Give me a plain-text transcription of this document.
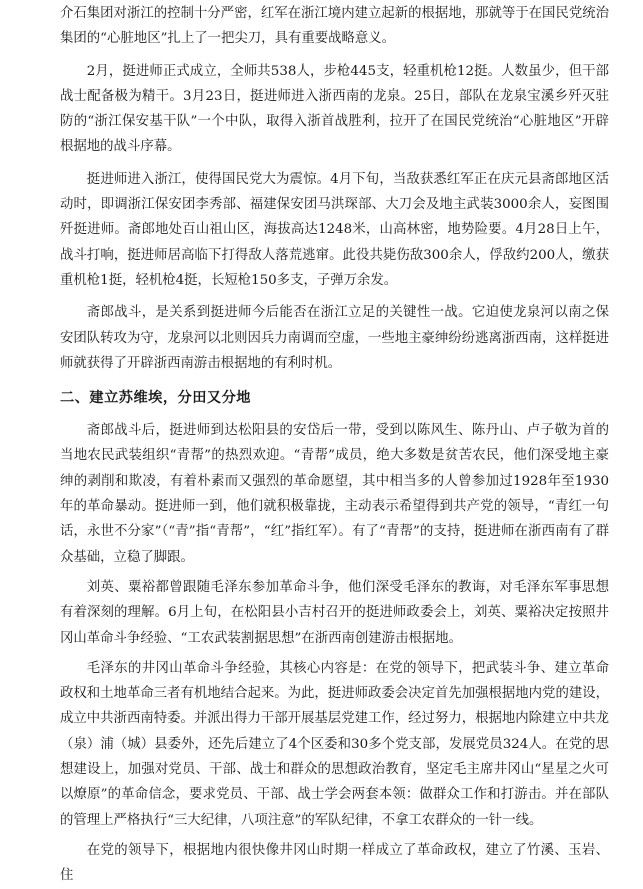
介石集团对浙江的控制十分严密，红军在浙江境内建立起新的根据地，那就等于在国民党统治集团的“心脏地区”扎上了一把尖刀，具有重要战略意义。

2月，挺进师正式成立，全师共538人，步枪445支，轻重机枪12挺。人数虽少，但干部战士配备极为精干。3月23日，挺进师进入浙西南的龙泉。25日，部队在龙泉宝溪乡歼灭驻防的“浙江保安基干队”一个中队，取得入浙首战胜利，拉开了在国民党统治“心脏地区”开辟根据地的战斗序幕。

挺进师进入浙江，使得国民党大为震惊。4月下旬，当敌获悉红军正在庆元县斋郎地区活动时，即调浙江保安团李秀部、福建保安团马洪琛部、大刀会及地主武装3000余人，妄图围歼挺进师。斋郎地处百山祖山区，海拔高达1248米，山高林密，地势险要。4月28日上午，战斗打响，挺进师居高临下打得敌人落荒逃窜。此役共毙伤敌300余人，俘敌约200人，缴获重机枪1挺，轻机枪4挺，长短枪150多支，子弹万余发。

斋郎战斗，是关系到挺进师今后能否在浙江立足的关键性一战。它迫使龙泉河以南之保安团队转攻为守，龙泉河以北则因兵力南调而空虚，一些地主豪绅纷纷逃离浙西南，这样挺进师就获得了开辟浙西南游击根据地的有利时机。

二、建立苏维埃，分田又分地

斋郎战斗后，挺进师到达松阳县的安岱后一带，受到以陈风生、陈丹山、卢子敬为首的当地农民武装组织“青帮”的热烈欢迎。“青帮”成员，绝大多数是贫苦农民，他们深受地主豪绅的剥削和欺凌，有着朴素而又强烈的革命愿望，其中相当多的人曾参加过1928年至1930年的革命暴动。挺进师一到，他们就积极靠拢，主动表示希望得到共产党的领导，“青红一句话，永世不分家”（“青”指“青帮”，“红”指红军）。有了“青帮”的支持，挺进师在浙西南有了群众基础，立稳了脚跟。

刘英、粟裕都曾跟随毛泽东参加革命斗争，他们深受毛泽东的教诲，对毛泽东军事思想有着深刻的理解。6月上旬，在松阳县小吉村召开的挺进师政委会上，刘英、粟裕决定按照井冈山革命斗争经验、“工农武装割据思想”在浙西南创建游击根据地。

毛泽东的井冈山革命斗争经验，其核心内容是：在党的领导下，把武装斗争、建立革命政权和土地革命三者有机地结合起来。为此，挺进师政委会决定首先加强根据地内党的建设，成立中共浙西南特委。并派出得力干部开展基层党建工作，经过努力，根据地内除建立中共龙（泉）浦（城）县委外，还先后建立了4个区委和30多个党支部，发展党员324人。在党的思想建设上，加强对党员、干部、战士和群众的思想政治教育，坚定毛主席井冈山“星星之火可以燎原”的革命信念，要求党员、干部、战士学会两套本领：做群众工作和打游击。并在部队的管理上严格执行“三大纪律，八项注意”的军队纪律，不拿工农群众的一针一线。

在党的领导下，根据地内很快像井冈山时期一样成立了革命政权，建立了竹溪、玉岩、住
